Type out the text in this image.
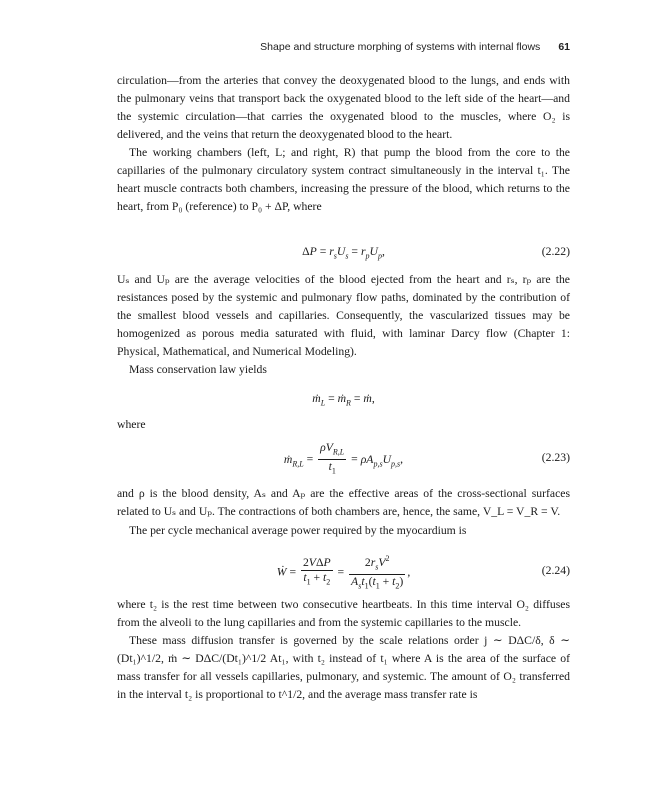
Shape and structure morphing of systems with internal flows 61

circulation—from the arteries that convey the deoxygenated blood to the lungs, and ends with the pulmonary veins that transport back the oxygenated blood to the left side of the heart—and the systemic circulation—that carries the oxygenated blood to the muscles, where O₂ is delivered, and the veins that return the deoxygenated blood to the heart.

The working chambers (left, L; and right, R) that pump the blood from the core to the capillaries of the pulmonary circulatory system contract simultaneously in the interval t₁. The heart muscle contracts both chambers, increasing the pressure of the blood, which returns to the heart, from P₀ (reference) to P₀ + ΔP, where

$\Delta P = r_sU_s = r_pU_p$,	(2.22)

Uₛ and Uₚ are the average velocities of the blood ejected from the heart and rₛ, rₚ are the resistances posed by the systemic and pulmonary flow paths, dominated by the contribution of the smallest blood vessels and capillaries. Consequently, the vascularized tissues may be homogenized as porous media saturated with fluid, with laminar Darcy flow (Chapter 1: Physical, Mathematical, and Numerical Modeling).

Mass conservation law yields

ṁ$_L$ = ṁ$_R$ = ṁ,

where

ṁ$_{R,L}$ = $\frac{\rho V_{R,L}}{t_1} = \rho A_{p,s}U_{p,s}$,	(2.23)

and ρ is the blood density, Aₛ and Aₚ are the effective areas of the cross-sectional surfaces related to Uₛ and Uₚ. The contractions of both chambers are, hence, the same, V_L = V_R = V.

The per cycle mechanical average power required by the myocardium is

Ẇ = $\frac{\text{2VΔP}}{t_1 + t_2} = \frac{2r_sV^2}{A_st_1(t_1 + t_2)}$ ,	(2.24)

where t₂ is the rest time between two consecutive heartbeats. In this time interval O₂ diffuses from the alveoli to the lung capillaries and from the systemic capillaries to the muscle.

These mass diffusion transfer is governed by the scale relations order j ∼ DΔC/δ, δ ∼ (Dt₁)^1/2, ṁ ∼ DΔC/(Dt₁)^1/2 At₁, with t₂ instead of t₁ where A is the area of the surface of mass transfer for all vessels capillaries, pulmonary, and systemic. The amount of O₂ transferred in the interval t₂ is proportional to t^1/2, and the average mass transfer rate is
